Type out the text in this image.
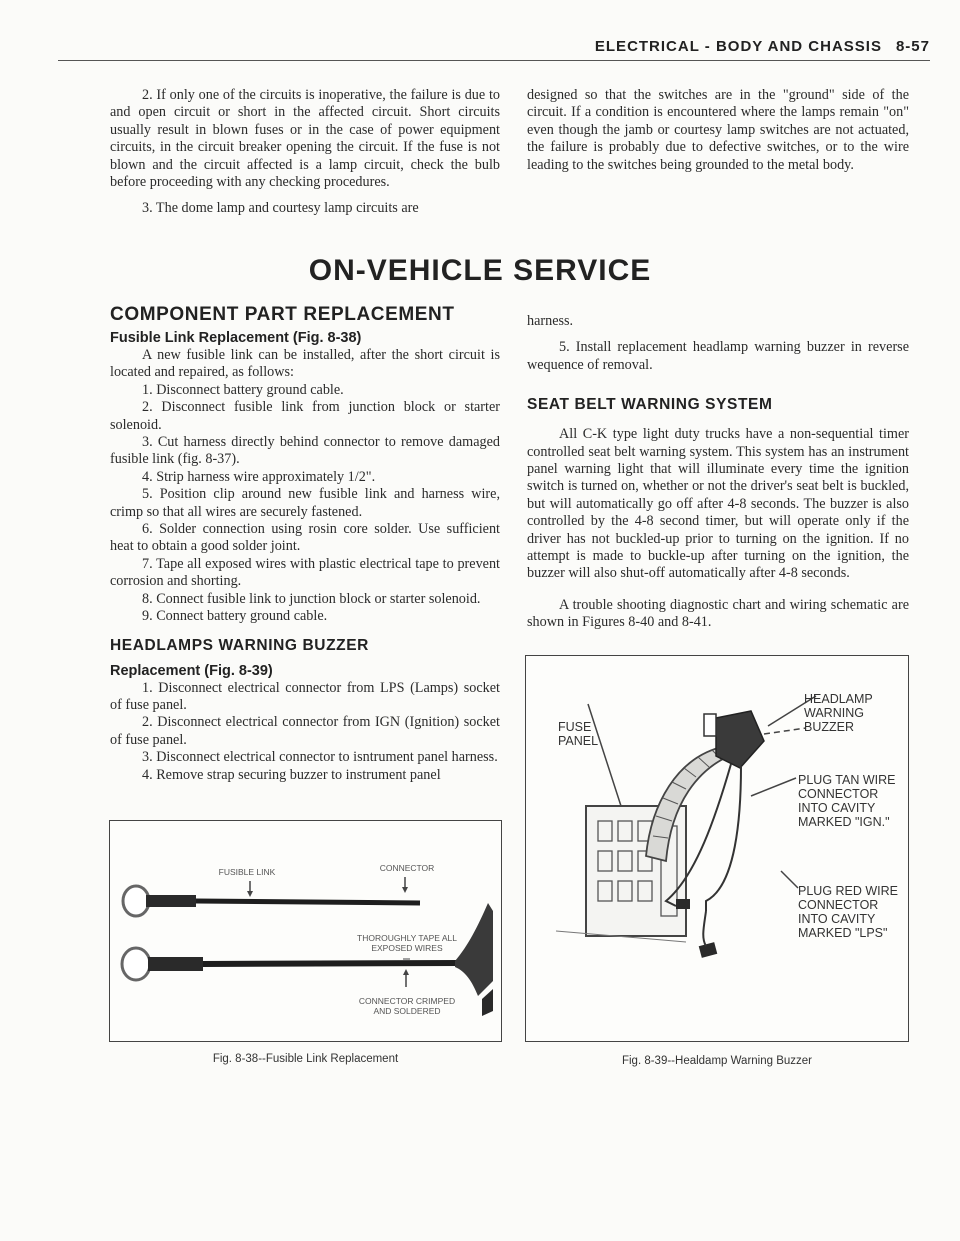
ELECTRICAL - BODY AND CHASSIS 8-57

2. If only one of the circuits is inoperative, the failure is due to and open circuit or short in the affected circuit. Short circuits usually result in blown fuses or in the case of power equipment circuits, in the circuit breaker opening the circuit. If the fuse is not blown and the circuit affected is a lamp circuit, check the bulb before proceeding with any checking procedures.

3. The dome lamp and courtesy lamp circuits are

designed so that the switches are in the "ground" side of the circuit. If a condition is encountered where the lamps remain "on" even though the jamb or courtesy lamp switches are not actuated, the failure is probably due to defective switches, or to the wire leading to the switches being grounded to the metal body.

ON-VEHICLE SERVICE
COMPONENT PART REPLACEMENT
Fusible Link Replacement (Fig. 8-38)

A new fusible link can be installed, after the short circuit is located and repaired, as follows:

1. Disconnect battery ground cable.

2. Disconnect fusible link from junction block or starter solenoid.

3. Cut harness directly behind connector to remove damaged fusible link (fig. 8-37).

4. Strip harness wire approximately 1/2".

5. Position clip around new fusible link and harness wire, crimp so that all wires are securely fastened.

6. Solder connection using rosin core solder. Use sufficient heat to obtain a good solder joint.

7. Tape all exposed wires with plastic electrical tape to prevent corrosion and shorting.

8. Connect fusible link to junction block or starter solenoid.

9. Connect battery ground cable.

HEADLAMPS WARNING BUZZER
Replacement (Fig. 8-39)

1. Disconnect electrical connector from LPS (Lamps) socket of fuse panel.

2. Disconnect electrical connector from IGN (Ignition) socket of fuse panel.

3. Disconnect electrical connector to isntrument panel harness.

4. Remove strap securing buzzer to instrument panel

harness.

5. Install replacement headlamp warning buzzer in reverse wequence of removal.

SEAT BELT WARNING SYSTEM

All C-K type light duty trucks have a non-sequential timer controlled seat belt warning system. This system has an instrument panel warning light that will illuminate every time the ignition switch is turned on, whether or not the driver's seat belt is buckled, but will automatically go off after 4-8 seconds. The buzzer is also controlled by the 4-8 second timer, but will operate only if the driver has not buckled-up prior to turning on the ignition. If no attempt is made to buckle-up after turning on the ignition, the buzzer will also shut-off automatically after 4-8 seconds.

A trouble shooting diagnostic chart and wiring schematic are shown in Figures 8-40 and 8-41.

FUSIBLE LINK	CONNECTOR
THOROUGHLY TAPE ALL
EXPOSED WIRES
CONNECTOR CRIMPED
AND SOLDERED
Fig. 8-38--Fusible Link Replacement
FUSE
PANEL
HEADLAMP
WARNING
BUZZER
PLUG TAN WIRE
CONNECTOR
INTO CAVITY
MARKED "IGN."
PLUG RED WIRE
CONNECTOR
INTO CAVITY
MARKED "LPS"
Fig. 8-39--Healdamp Warning Buzzer
